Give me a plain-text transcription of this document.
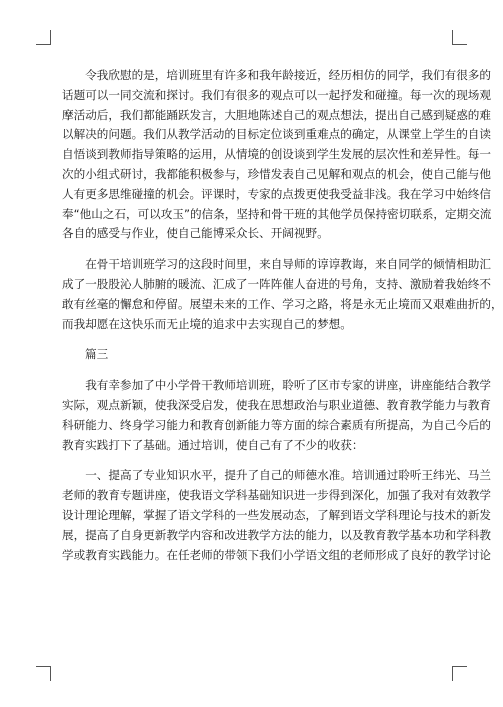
　　令我欣慰的是，培训班里有许多和我年龄接近，经历相仿的同学，我们有很多的
话题可以一同交流和探讨。我们有很多的观点可以一起抒发和碰撞。每一次的现场观
摩活动后，我们都能踊跃发言，大胆地陈述自己的观点想法，提出自己感到疑惑的难
以解决的问题。我们从教学活动的目标定位谈到重难点的确定，从课堂上学生的自读
自悟谈到教师指导策略的运用，从情境的创设谈到学生发展的层次性和差异性。每一
次的小组式研讨，我都能积极参与，珍惜发表自己见解和观点的机会，使自己能与他
人有更多思维碰撞的机会。评课时，专家的点拨更使我受益非浅。我在学习中始终信
奉“他山之石，可以攻玉”的信条，坚持和骨干班的其他学员保持密切联系，定期交流
各自的感受与作业，使自己能博采众长、开阔视野。

　　在骨干培训班学习的这段时间里，来自导师的谆谆教诲，来自同学的倾情相助汇
成了一股股沁人肺腑的暖流、汇成了一阵阵催人奋进的号角，支持、激励着我始终不
敢有丝毫的懈怠和停留。展望未来的工作、学习之路，将是永无止境而又艰难曲折的，
而我却愿在这快乐而无止境的追求中去实现自己的梦想。

篇三

　　我有幸参加了中小学骨干教师培训班，聆听了区市专家的讲座，讲座能结合教学
实际，观点新颖，使我深受启发，使我在思想政治与职业道德、教育教学能力与教育
科研能力、终身学习能力和教育创新能力等方面的综合素质有所提高，为自己今后的
教育实践打下了基础。通过培训，使自己有了不少的收获：

　　一、提高了专业知识水平，提升了自己的师德水准。培训通过聆听王纬光、马兰
老师的教育专题讲座，使我语文学科基础知识进一步得到深化，加强了我对有效教学
设计理论理解，掌握了语文学科的一些发展动态，了解到语文学科理论与技术的新发
展，提高了自身更新教学内容和改进教学方法的能力，以及教育教学基本功和学科教
学或教育实践能力。在任老师的带领下我们小学语文组的老师形成了良好的教学讨论
